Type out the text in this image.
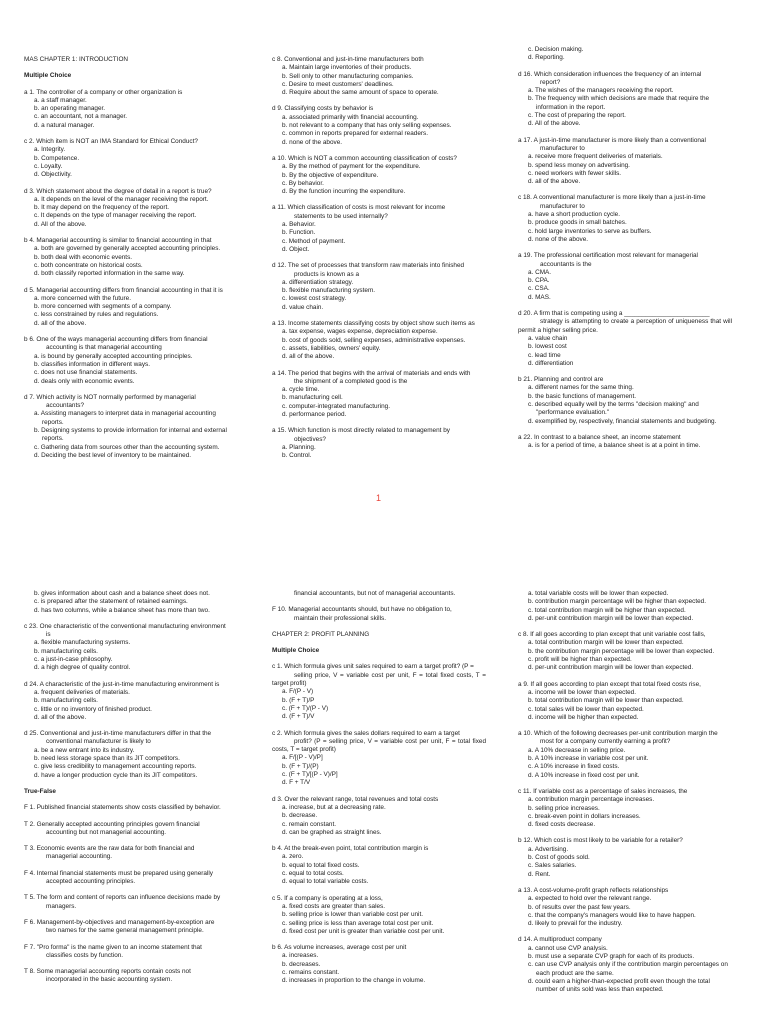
MAS CHAPTER 1: INTRODUCTION
Multiple Choice
a 1. The controller of a company or other organization is
a. a staff manager.
b. an operating manager.
c. an accountant, not a manager.
d. a natural manager.
c 2. Which item is NOT an IMA Standard for Ethical Conduct?
a. Integrity.
b. Competence.
c. Loyalty.
d. Objectivity.
d 3. Which statement about the degree of detail in a report is true?
a. It depends on the level of the manager receiving the report.
b. It may depend on the frequency of the report.
c. It depends on the type of manager receiving the report.
d. All of the above.
b 4. Managerial accounting is similar to financial accounting in that
a. both are governed by generally accepted accounting principles.
b. both deal with economic events.
c. both concentrate on historical costs.
d. both classify reported information in the same way.
d 5. Managerial accounting differs from financial accounting in that it is
a. more concerned with the future.
b. more concerned with segments of a company.
c. less constrained by rules and regulations.
d. all of the above.
b 6. One of the ways managerial accounting differs from financial
accounting is that managerial accounting
a. is bound by generally accepted accounting principles.
b. classifies information in different ways.
c. does not use financial statements.
d. deals only with economic events.
d 7. Which activity is NOT normally performed by managerial
accountants?
a. Assisting managers to interpret data in managerial accounting reports.
b. Designing systems to provide information for internal and external reports.
c. Gathering data from sources other than the accounting system.
d. Deciding the best level of inventory to be maintained.
c 8. Conventional and just-in-time manufacturers both
a. Maintain large inventories of their products.
b. Sell only to other manufacturing companies.
c. Desire to meet customers' deadlines.
d. Require about the same amount of space to operate.
d 9. Classifying costs by behavior is
a. associated primarily with financial accounting.
b. not relevant to a company that has only selling expenses.
c. common in reports prepared for external readers.
d. none of the above.
a 10. Which is NOT a common accounting classification of costs?
a. By the method of payment for the expenditure.
b. By the objective of expenditure.
c. By behavior.
d. By the function incurring the expenditure.
a 11. Which classification of costs is most relevant for income
statements to be used internally?
a. Behavior.
b. Function.
c. Method of payment.
d. Object.
d 12. The set of processes that transform raw materials into finished
products is known as a
a. differentiation strategy.
b. flexible manufacturing system.
c. lowest cost strategy.
d. value chain.
a 13. Income statements classifying costs by object show such items as
a. tax expense, wages expense, depreciation expense.
b. cost of goods sold, selling expenses, administrative expenses.
c. assets, liabilities, owners' equity.
d. all of the above.
a 14. The period that begins with the arrival of materials and ends with
the shipment of a completed good is the
a. cycle time.
b. manufacturing cell.
c. computer-integrated manufacturing.
d. performance period.
a 15. Which function is most directly related to management by
objectives?
a. Planning.
b. Control.
c. Decision making.
d. Reporting.
d 16. Which consideration influences the frequency of an internal
report?
a. The wishes of the managers receiving the report.
b. The frequency with which decisions are made that require the information in the report.
c. The cost of preparing the report.
d. All of the above.
a 17. A just-in-time manufacturer is more likely than a conventional
manufacturer to
a. receive more frequent deliveries of materials.
b. spend less money on advertising.
c. need workers with fewer skills.
d. all of the above.
c 18. A conventional manufacturer is more likely than a just-in-time
manufacturer to
a. have a short production cycle.
b. produce goods in small batches.
c. hold large inventories to serve as buffers.
d. none of the above.
a 19. The professional certification most relevant for managerial
accountants is the
a. CMA.
b. CPA.
c. CSA.
d. MAS.
d 20. A firm that is competing using a ________________________
strategy is attempting to create a perception of uniqueness that will permit a higher selling price.
a. value chain
b. lowest cost
c. lead time
d. differentiation
b 21. Planning and control are
a. different names for the same thing.
b. the basic functions of management.
c. described equally well by the terms "decision making" and "performance evaluation."
d. exemplified by, respectively, financial statements and budgeting.
a 22. In contrast to a balance sheet, an income statement
a. is for a period of time, a balance sheet is at a point in time.
1
b. gives information about cash and a balance sheet does not.
c. is prepared after the statement of retained earnings.
d. has two columns, while a balance sheet has more than two.
c 23. One characteristic of the conventional manufacturing environment
is
a. flexible manufacturing systems.
b. manufacturing cells.
c. a just-in-case philosophy.
d. a high degree of quality control.
d 24. A characteristic of the just-in-time manufacturing environment is
a. frequent deliveries of materials.
b. manufacturing cells.
c. little or no inventory of finished product.
d. all of the above.
d 25. Conventional and just-in-time manufacturers differ in that the
conventional manufacturer is likely to
a. be a new entrant into its industry.
b. need less storage space than its JIT competitors.
c. give less credibility to management accounting reports.
d. have a longer production cycle than its JIT competitors.
True-False
F 1. Published financial statements show costs classified by behavior.
T 2. Generally accepted accounting principles govern financial
accounting but not managerial accounting.
T 3. Economic events are the raw data for both financial and
managerial accounting.
F 4. Internal financial statements must be prepared using generally
accepted accounting principles.
T 5. The form and content of reports can influence decisions made by
managers.
F 6. Management-by-objectives and management-by-exception are
two names for the same general management principle.
F 7. "Pro forma" is the name given to an income statement that
classifies costs by function.
T 8. Some managerial accounting reports contain costs not
incorporated in the basic accounting system.
financial accountants, but not of managerial accountants.
F 10. Managerial accountants should, but have no obligation to,
maintain their professional skills.
CHAPTER 2: PROFIT PLANNING
Multiple Choice
c 1. Which formula gives unit sales required to earn a target profit? (P =
selling price, V = variable cost per unit, F = total fixed costs, T = target profit)
a. F/(P - V)
b. (F + T)/P
c. (F + T)/(P - V)
d. (F + T)/V
c 2. Which formula gives the sales dollars required to earn a target
profit? (P = selling price, V = variable cost per unit, F = total fixed costs, T = target profit)
a. F/[(P - V)/P]
b. (F + T)/(P)
c. (F + T)/[(P - V)/P]
d. F + T/V
d 3. Over the relevant range, total revenues and total costs
a. increase, but at a decreasing rate.
b. decrease.
c. remain constant.
d. can be graphed as straight lines.
b 4. At the break-even point, total contribution margin is
a. zero.
b. equal to total fixed costs.
c. equal to total costs.
d. equal to total variable costs.
c 5. If a company is operating at a loss,
a. fixed costs are greater than sales.
b. selling price is lower than variable cost per unit.
c. selling price is less than average total cost per unit.
d. fixed cost per unit is greater than variable cost per unit.
b 6. As volume increases, average cost per unit
a. increases.
b. decreases.
c. remains constant.
d. increases in proportion to the change in volume.
a. total variable costs will be lower than expected.
b. contribution margin percentage will be higher than expected.
c. total contribution margin will be higher than expected.
d. per-unit contribution margin will be lower than expected.
c 8. If all goes according to plan except that unit variable cost falls,
a. total contribution margin will be lower than expected.
b. the contribution margin percentage will be lower than expected.
c. profit will be higher than expected.
d. per-unit contribution margin will be lower than expected.
a 9. If all goes according to plan except that total fixed costs rise,
a. income will be lower than expected.
b. total contribution margin will be lower than expected.
c. total sales will be lower than expected.
d. income will be higher than expected.
a 10. Which of the following decreases per-unit contribution margin the
most for a company currently earning a profit?
a. A 10% decrease in selling price.
b. A 10% increase in variable cost per unit.
c. A 10% increase in fixed costs.
d. A 10% increase in fixed cost per unit.
c 11. If variable cost as a percentage of sales increases, the
a. contribution margin percentage increases.
b. selling price increases.
c. break-even point in dollars increases.
d. fixed costs decrease.
b 12. Which cost is most likely to be variable for a retailer?
a. Advertising.
b. Cost of goods sold.
c. Sales salaries.
d. Rent.
a 13. A cost-volume-profit graph reflects relationships
a. expected to hold over the relevant range.
b. of results over the past few years.
c. that the company's managers would like to have happen.
d. likely to prevail for the industry.
d 14. A multiproduct company
a. cannot use CVP analysis.
b. must use a separate CVP graph for each of its products.
c. can use CVP analysis only if the contribution margin percentages on each product are the same.
d. could earn a higher-than-expected profit even though the total number of units sold was less than expected.
